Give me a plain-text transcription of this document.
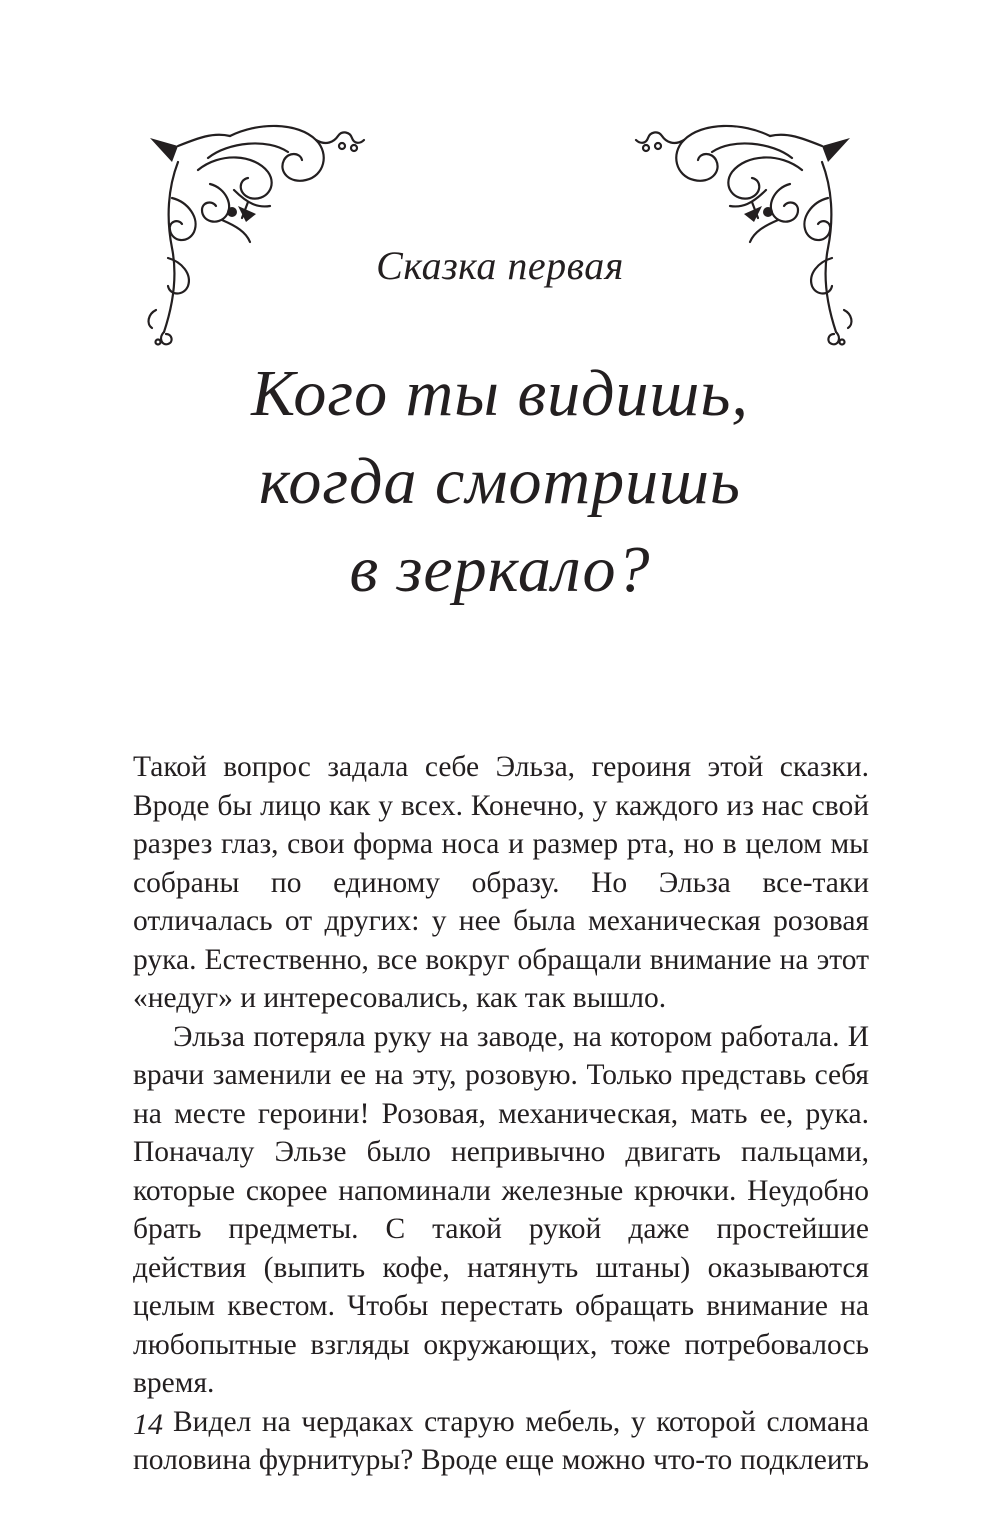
Сказка первая
Кого ты видишь,
когда смотришь
в зеркало?

Такой вопрос задала себе Эльза, героиня этой сказки. Вроде бы лицо как у всех. Конечно, у каждого из нас свой разрез глаз, свои форма носа и размер рта, но в целом мы собраны по единому образу. Но Эльза все-таки отличалась от других: у нее была механическая розовая рука. Естественно, все вокруг обращали внимание на этот «недуг» и интересовались, как так вышло.

Эльза потеряла руку на заводе, на котором работала. И врачи заменили ее на эту, розовую. Только представь себя на месте героини! Розовая, механическая, мать ее, рука. Поначалу Эльзе было непривычно двигать пальцами, которые скорее напоминали железные крючки. Неудобно брать предметы. С такой рукой даже простейшие действия (выпить кофе, натянуть штаны) оказываются целым квестом. Чтобы перестать обращать внимание на любопытные взгляды окружающих, тоже потребовалось время.

Видел на чердаках старую мебель, у которой сломана половина фурнитуры? Вроде еще можно что-то подклеить

14
